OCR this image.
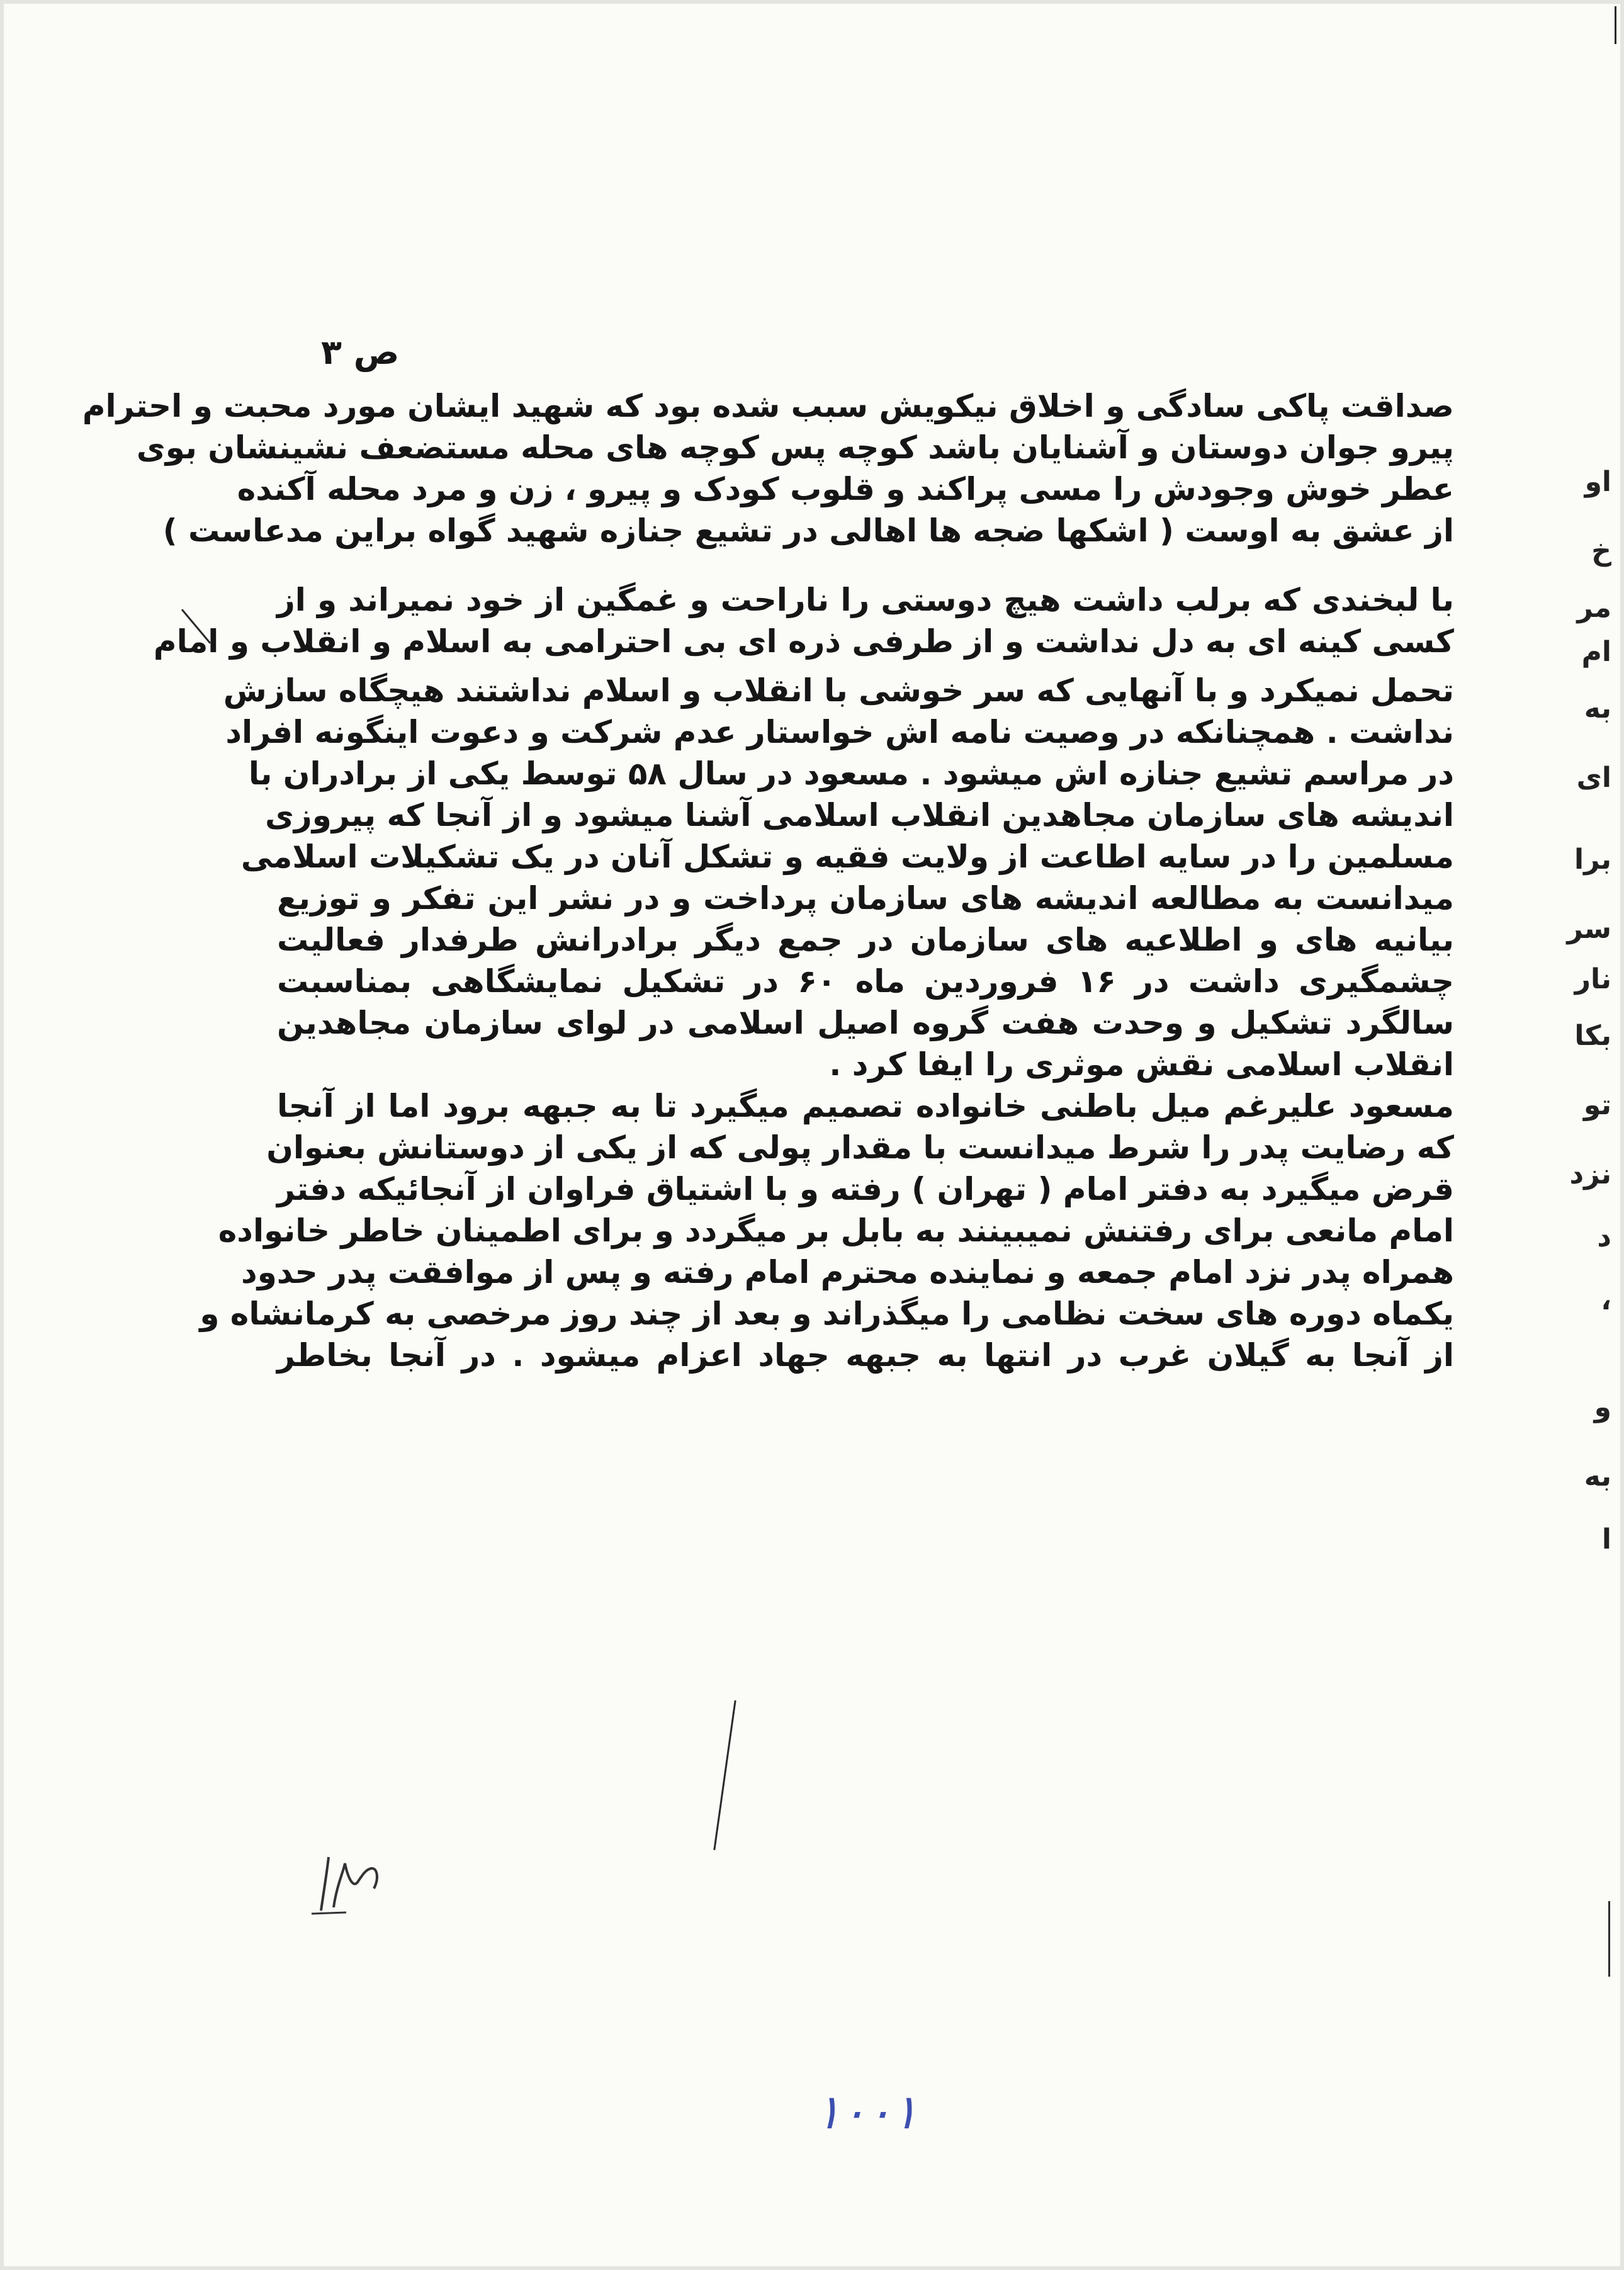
ص ۳
صداقت پاکی سادگی و اخلاق نیکویش سبب شده بود که شهید ایشان مورد محبت و احترام
پیرو جوان دوستان و آشنایان باشد کوچه پس کوچه های محله مستضعف نشینشان بوی
عطر خوش وجودش را مسی پراکند و قلوب کودک و پیرو ، زن و مرد محله آکنده
از عشق به اوست ( اشکها ضجه ها اهالی در تشیع جنازه شهید گواه براین مدعاست )
با لبخندی که برلب داشت هیچ دوستی را ناراحت و غمگین از خود نمیراند و از
کسی کینه ای به دل نداشت و از طرفی ذره ای بی احترامی به اسلام و انقلاب و امام
تحمل نمیکرد و با آنهایی که سر خوشی با انقلاب و اسلام نداشتند هیچگاه سازش
نداشت . همچنانکه در وصیت نامه اش خواستار عدم شرکت و دعوت اینگونه افراد
در مراسم تشیع جنازه اش میشود . مسعود در سال ۵۸ توسط یکی از برادران با
اندیشه های سازمان مجاهدین انقلاب اسلامی آشنا میشود و از آنجا که پیروزی
مسلمین را در سایه اطاعت از ولایت فقیه و تشکل آنان در یک تشکیلات اسلامی
میدانست به مطالعه اندیشه های سازمان پرداخت و در نشر این تفکر و توزیع
بیانیه های و اطلاعیه های سازمان در جمع دیگر برادرانش طرفدار فعالیت
چشمگیری داشت در ۱۶ فروردین ماه ۶۰ در تشکیل نمایشگاهی بمناسبت
سالگرد تشکیل و وحدت هفت گروه اصیل اسلامی در لوای سازمان مجاهدین
انقلاب اسلامی نقش موثری را ایفا کرد .
مسعود علیرغم میل باطنی خانواده تصمیم میگیرد تا به جبهه برود اما از آنجا
که رضایت پدر را شرط میدانست با مقدار پولی که از یکی از دوستانش بعنوان
قرض میگیرد به دفتر امام ( تهران ) رفته و با اشتیاق فراوان از آنجائیکه دفتر
امام مانعی برای رفتنش نمیبینند به بابل بر میگردد و برای اطمینان خاطر خانواده
همراه پدر نزد امام جمعه و نماینده محترم امام رفته و پس از موافقت پدر حدود
یکماه دوره های سخت نظامی را میگذراند و بعد از چند روز مرخصی به کرمانشاه و
از آنجا به گیلان غرب در انتها به جبهه جهاد اعزام میشود . در آنجا بخاطر
او
خ
مر
ام
به
ای
برا
سر
نار
بکا
تو
نزد
د
،
و
به
ا
۱۰۰۱
